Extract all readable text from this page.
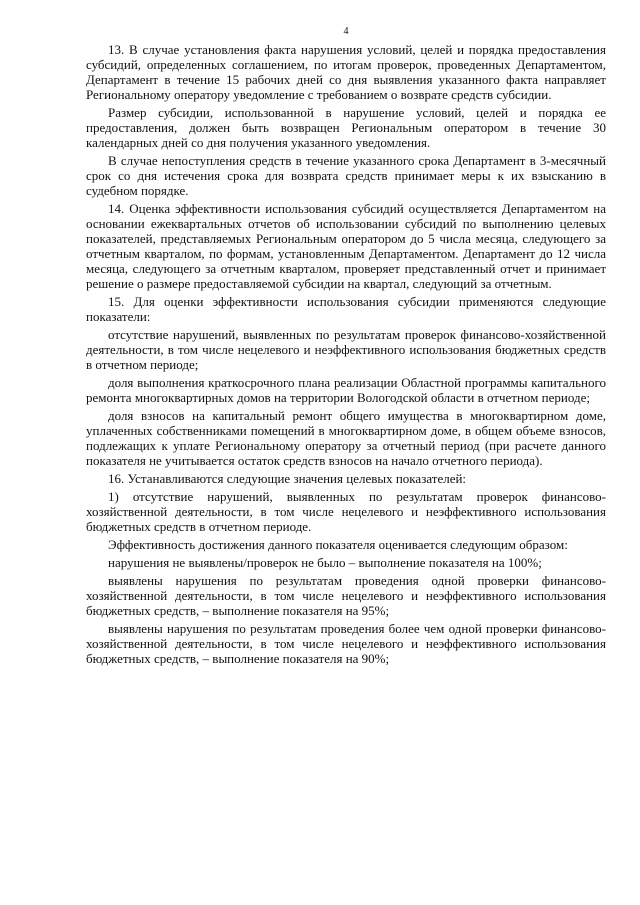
4

13. В случае установления факта нарушения условий, целей и порядка предоставления субсидий, определенных соглашением, по итогам проверок, проведенных Департаментом, Департамент в течение 15 рабочих дней со дня выявления указанного факта направляет Региональному оператору уведомление с требованием о возврате средств субсидии.

Размер субсидии, использованной в нарушение условий, целей и порядка ее предоставления, должен быть возвращен Региональным оператором в течение 30 календарных дней со дня получения указанного уведомления.

В случае непоступления средств в течение указанного срока Департамент в 3-месячный срок со дня истечения срока для возврата средств принимает меры к их взысканию в судебном порядке.

14. Оценка эффективности использования субсидий осуществляется Департаментом на основании ежеквартальных отчетов об использовании субсидий по выполнению целевых показателей, представляемых Региональным оператором до 5 числа месяца, следующего за отчетным кварталом, по формам, установленным Департаментом. Департамент до 12 числа месяца, следующего за отчетным кварталом, проверяет представленный отчет и принимает решение о размере предоставляемой субсидии на квартал, следующий за отчетным.

15. Для оценки эффективности использования субсидии применяются следующие показатели:

отсутствие нарушений, выявленных по результатам проверок финансово-хозяйственной деятельности, в том числе нецелевого и неэффективного использования бюджетных средств в отчетном периоде;

доля выполнения краткосрочного плана реализации Областной программы капитального ремонта многоквартирных домов на территории Вологодской области в отчетном периоде;

доля взносов на капитальный ремонт общего имущества в многоквартирном доме, уплаченных собственниками помещений в многоквартирном доме, в общем объеме взносов, подлежащих к уплате Региональному оператору за отчетный период (при расчете данного показателя не учитывается остаток средств взносов на начало отчетного периода).

16. Устанавливаются следующие значения целевых показателей:

1) отсутствие нарушений, выявленных по результатам проверок финансово-хозяйственной деятельности, в том числе нецелевого и неэффективного использования бюджетных средств в отчетном периоде.

Эффективность достижения данного показателя оценивается следующим образом:

нарушения не выявлены/проверок не было – выполнение показателя на 100%;

выявлены нарушения по результатам проведения одной проверки финансово-хозяйственной деятельности, в том числе нецелевого и неэффективного использования бюджетных средств, – выполнение показателя на 95%;

выявлены нарушения по результатам проведения более чем одной проверки финансово-хозяйственной деятельности, в том числе нецелевого и неэффективного использования бюджетных средств, – выполнение показателя на 90%;
